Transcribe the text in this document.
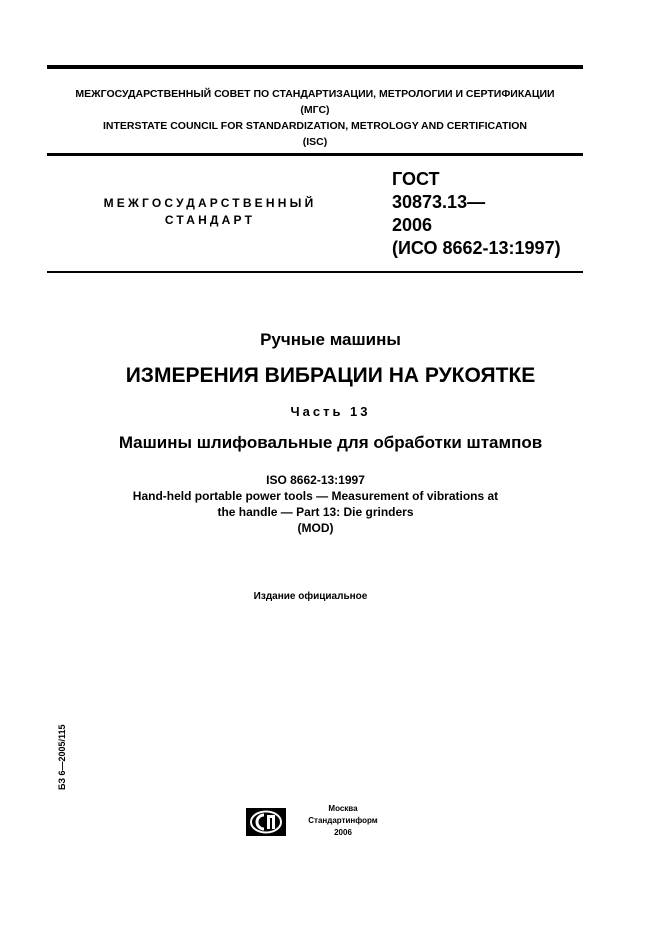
МЕЖГОСУДАРСТВЕННЫЙ СОВЕТ ПО СТАНДАРТИЗАЦИИ, МЕТРОЛОГИИ И СЕРТИФИКАЦИИ
(МГС)
INTERSTATE COUNCIL FOR STANDARDIZATION, METROLOGY AND CERTIFICATION
(ISC)
МЕЖГОСУДАРСТВЕННЫЙ
СТАНДАРТ
ГОСТ
30873.13—
2006
(ИСО 8662-13:1997)
Ручные машины
ИЗМЕРЕНИЯ ВИБРАЦИИ НА РУКОЯТКЕ
Часть 13
Машины шлифовальные для обработки штампов
ISO 8662-13:1997
Hand-held portable power tools — Measurement of vibrations at
the handle — Part 13: Die grinders
(MOD)
Издание официальное
БЗ 6—2005/115
Москва
Стандартинформ
2006
